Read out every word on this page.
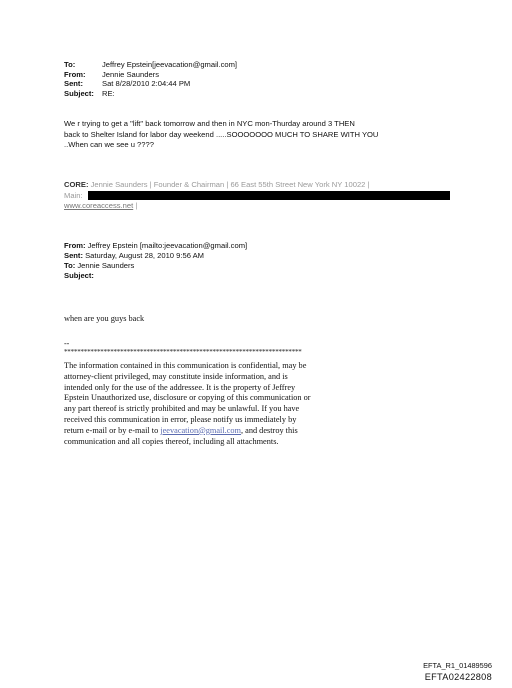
To:	Jeffrey Epstein[jeevacation@gmail.com]
From:	Jennie Saunders
Sent:	Sat 8/28/2010 2:04:44 PM
Subject:	RE:
We r trying to get a "lift" back tomorrow and then in NYC mon-Thurday around 3 THEN
back to Shelter Island for labor day weekend .....SOOOOOOO MUCH TO SHARE WITH YOU
..When can we see u ????
CORE: Jennie Saunders | Founder & Chairman | 66 East 55th Street New York NY 10022 |
Main:
www.coreaccess.net |
From: Jeffrey Epstein [mailto:jeevacation@gmail.com]
Sent: Saturday, August 28, 2010 9:56 AM
To: Jennie Saunders
Subject:
when are you guys back
--
************************************************************************
The information contained in this communication is confidential, may be attorney-client privileged, may constitute inside information, and is intended only for the use of the addressee. It is the property of Jeffrey Epstein Unauthorized use, disclosure or copying of this communication or any part thereof is strictly prohibited and may be unlawful. If you have received this communication in error, please notify us immediately by return e-mail or by e-mail to jeevacation@gmail.com, and destroy this communication and all copies thereof, including all attachments.
EFTA_R1_01489596
EFTA02422808
